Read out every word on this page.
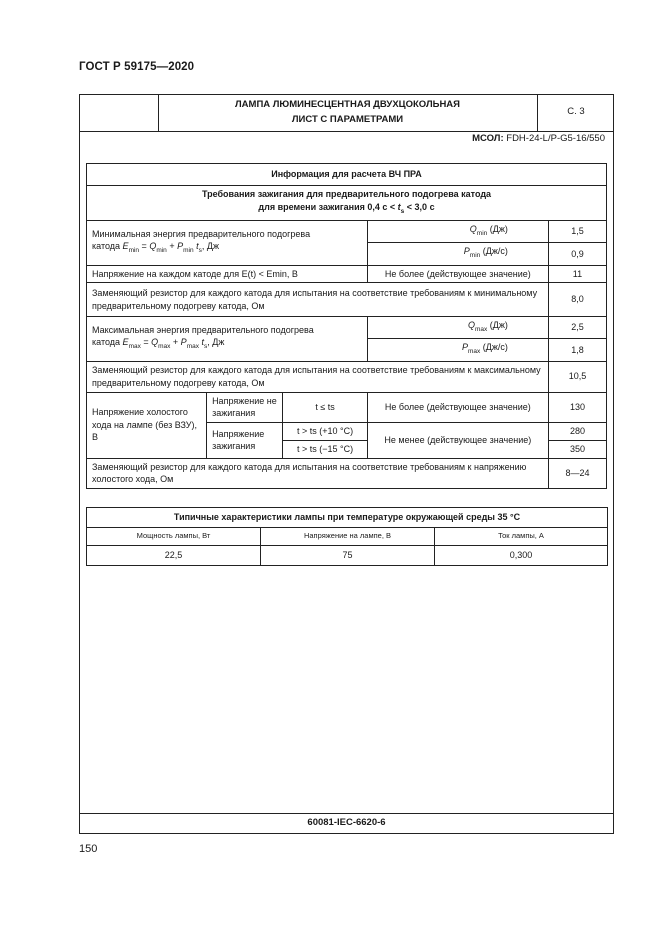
ГОСТ Р 59175—2020
ЛАМПА ЛЮМИНЕСЦЕНТНАЯ ДВУХЦОКОЛЬНАЯ
ЛИСТ С ПАРАМЕТРАМИ
С. 3
МСОЛ: FDH-24-L/P-G5-16/550
Информация для расчета ВЧ ПРА				
Требования зажигания для предварительного подогрева катода
для времени зажигания 0,4 $с < t_s < 3,0$ с				
Минимальная энергия предварительного подогрева
катода $E_{min} = Q_{min} + P_{min}$ $t_s$, Дж			$Q_{min}$ (Дж)	1,5
			$P_{min}$ (Дж/с)	0,9
Напряжение на каждом катоде для E(t) < Emin, В			Не более (действующее значение)	11
Заменяющий резистор для каждого катода для испытания на соответствие требованиям к минимальному предварительному подогреву катода, Ом				8,0
Максимальная энергия предварительного подогрева
катода $E_{max} = Q_{max} + P_{max}$ $t_s$, Дж			$Q_{max}$ (Дж)	2,5
			$P_{max}$ (Дж/с)	1,8
Заменяющий резистор для каждого катода для испытания на соответствие требованиям к максимальному предварительному подогреву катода, Ом				10,5
Напряжение холостого хода на лампе (без ВЗУ), В	Напряжение не зажигания	t ≤ ts	Не более (действующее значение)	130
	Напряжение зажигания	t > ts (+10 °C)	Не менее (действующее значение)	280
		t > ts (−15 °C)		350
Заменяющий резистор для каждого катода для испытания на соответствие требованиям к напряжению холостого хода, Ом				8—24
Типичные характеристики лампы при температуре окружающей среды 35 °С		
Мощность лампы, Вт	Напряжение на лампе, В	Ток лампы, А
22,5	75	0,300
60081-IEC-6620-6
150
